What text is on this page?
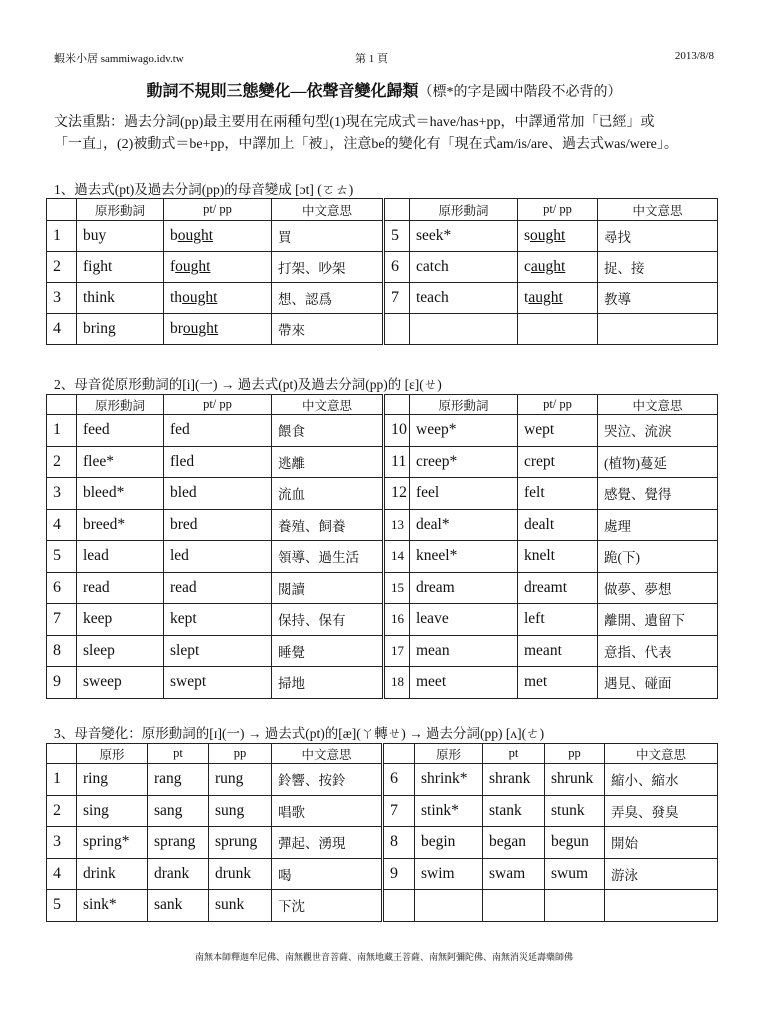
蝦米小居 sammiwago.idv.tw	第 1 頁	2013/8/8
動詞不規則三態變化—依聲音變化歸類（標*的字是國中階段不必背的）
文法重點：過去分詞(pp)最主要用在兩種句型(1)現在完成式＝have/has+pp，中譯通常加「已經」或
「一直」，(2)被動式＝be+pp，中譯加上「被」，注意be的變化有「現在式am/is/are、過去式was/were」。
1、過去式(pt)及過去分詞(pp)的母音變成 [ɔt] (ㄛㄊ)
	原形動詞	pt/ pp	中文意思		原形動詞	pt/ pp	中文意思
1	buy	bought	買	5	seek*	sought	尋找
2	fight	fought	打架、吵架	6	catch	caught	捉、接
3	think	thought	想、認爲	7	teach	taught	教導
4	bring	brought	帶來				
2、母音從原形動詞的[i](一) → 過去式(pt)及過去分詞(pp)的 [ɛ](ㄝ)
	原形動詞	pt/ pp	中文意思		原形動詞	pt/ pp	中文意思
1	feed	fed	餵食	10	weep*	wept	哭泣、流淚
2	flee*	fled	逃離	11	creep*	crept	(植物)蔓延
3	bleed*	bled	流血	12	feel	felt	感覺、覺得
4	breed*	bred	養殖、飼養	13	deal*	dealt	處理
5	lead	led	領導、過生活	14	kneel*	knelt	跪(下)
6	read	read	閱讀	15	dream	dreamt	做夢、夢想
7	keep	kept	保持、保有	16	leave	left	離開、遺留下
8	sleep	slept	睡覺	17	mean	meant	意指、代表
9	sweep	swept	掃地	18	meet	met	遇見、碰面
3、母音變化：原形動詞的[ɪ](一) → 過去式(pt)的[æ](ㄚ轉ㄝ) → 過去分詞(pp) [ʌ](ㄜ)
	原形	pt	pp	中文意思		原形	pt	pp	中文意思
1	ring	rang	rung	鈴響、按鈴	6	shrink*	shrank	shrunk	縮小、縮水
2	sing	sang	sung	唱歌	7	stink*	stank	stunk	弄臭、發臭
3	spring*	sprang	sprung	彈起、湧現	8	begin	began	begun	開始
4	drink	drank	drunk	喝	9	swim	swam	swum	游泳
5	sink*	sank	sunk	下沈					
南無本師釋迦牟尼佛、南無觀世音菩薩、南無地藏王菩薩、南無阿彌陀佛、南無消災延壽藥師佛
